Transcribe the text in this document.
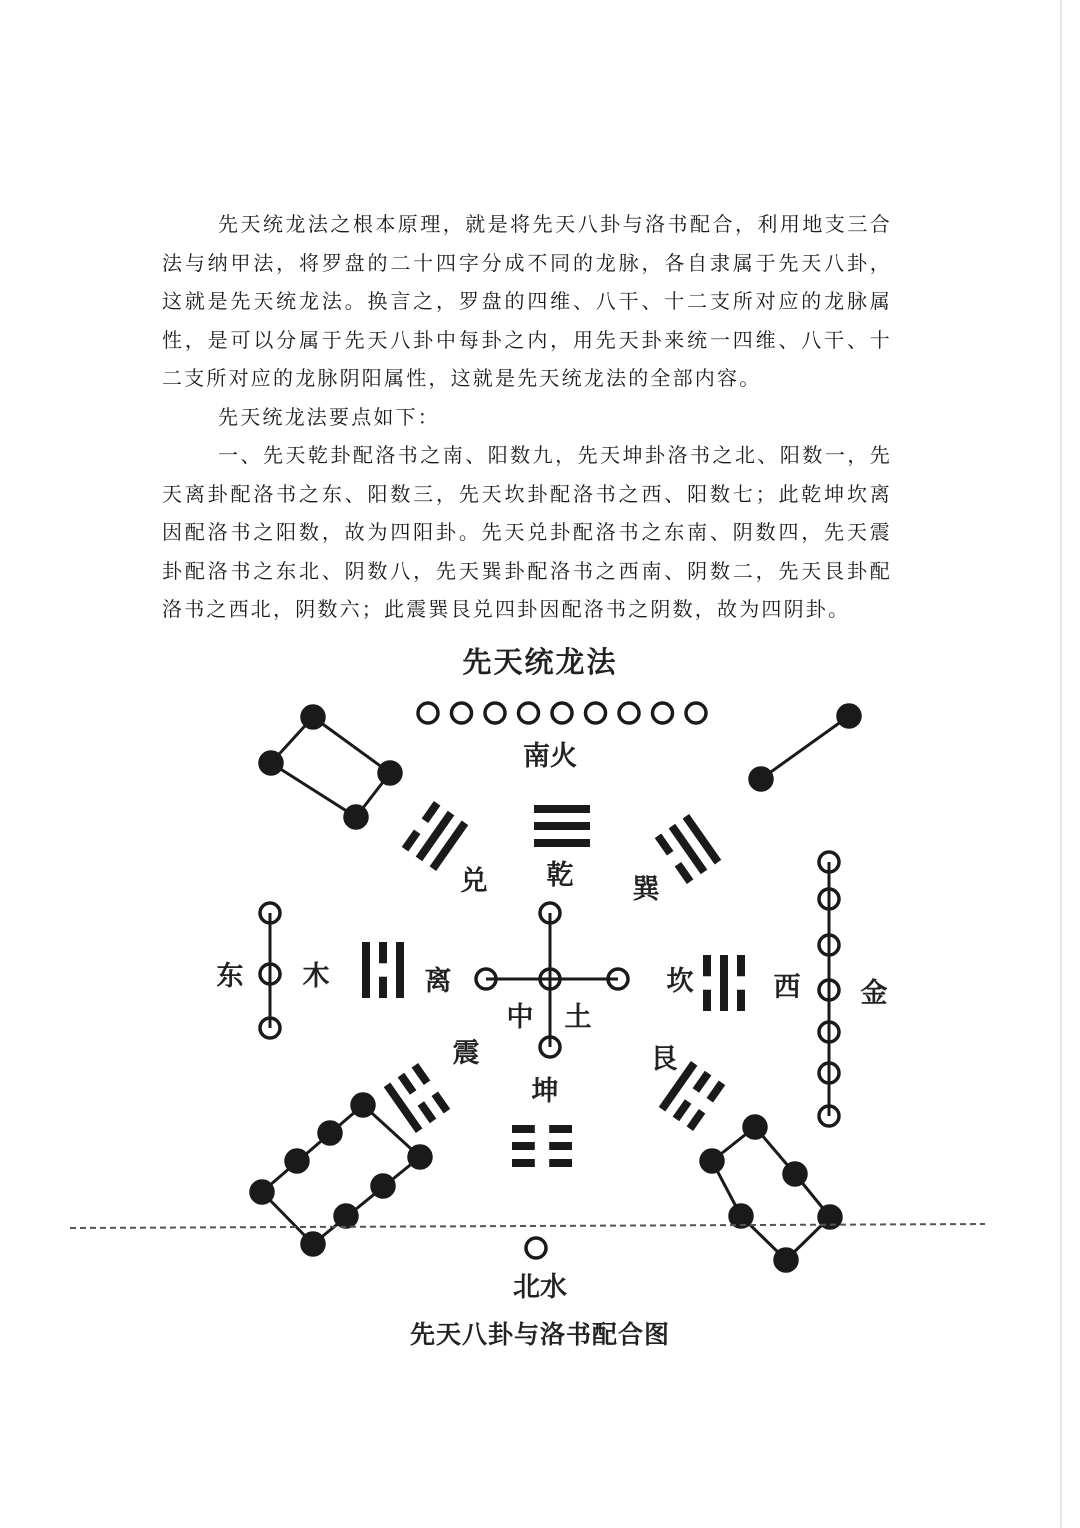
先天统龙法之根本原理，就是将先天八卦与洛书配合，利用地支三合法与纳甲法，将罗盘的二十四字分成不同的龙脉，各自隶属于先天八卦，这就是先天统龙法。换言之，罗盘的四维、八干、十二支所对应的龙脉属性，是可以分属于先天八卦中每卦之内，用先天卦来统一四维、八干、十二支所对应的龙脉阴阳属性，这就是先天统龙法的全部内容。

先天统龙法要点如下：

一、先天乾卦配洛书之南、阳数九，先天坤卦洛书之北、阳数一，先天离卦配洛书之东、阳数三，先天坎卦配洛书之西、阳数七；此乾坤坎离因配洛书之阳数，故为四阳卦。先天兑卦配洛书之东南、阴数四，先天震卦配洛书之东北、阴数八，先天巽卦配洛书之西南、阴数二，先天艮卦配洛书之西北，阴数六；此震巽艮兑四卦因配洛书之阴数，故为四阴卦。

先天统龙法
南火
北水
东 木	西 金
中 土
乾
坤
离	坎
兑	巽
震	艮
先天八卦与洛书配合图
